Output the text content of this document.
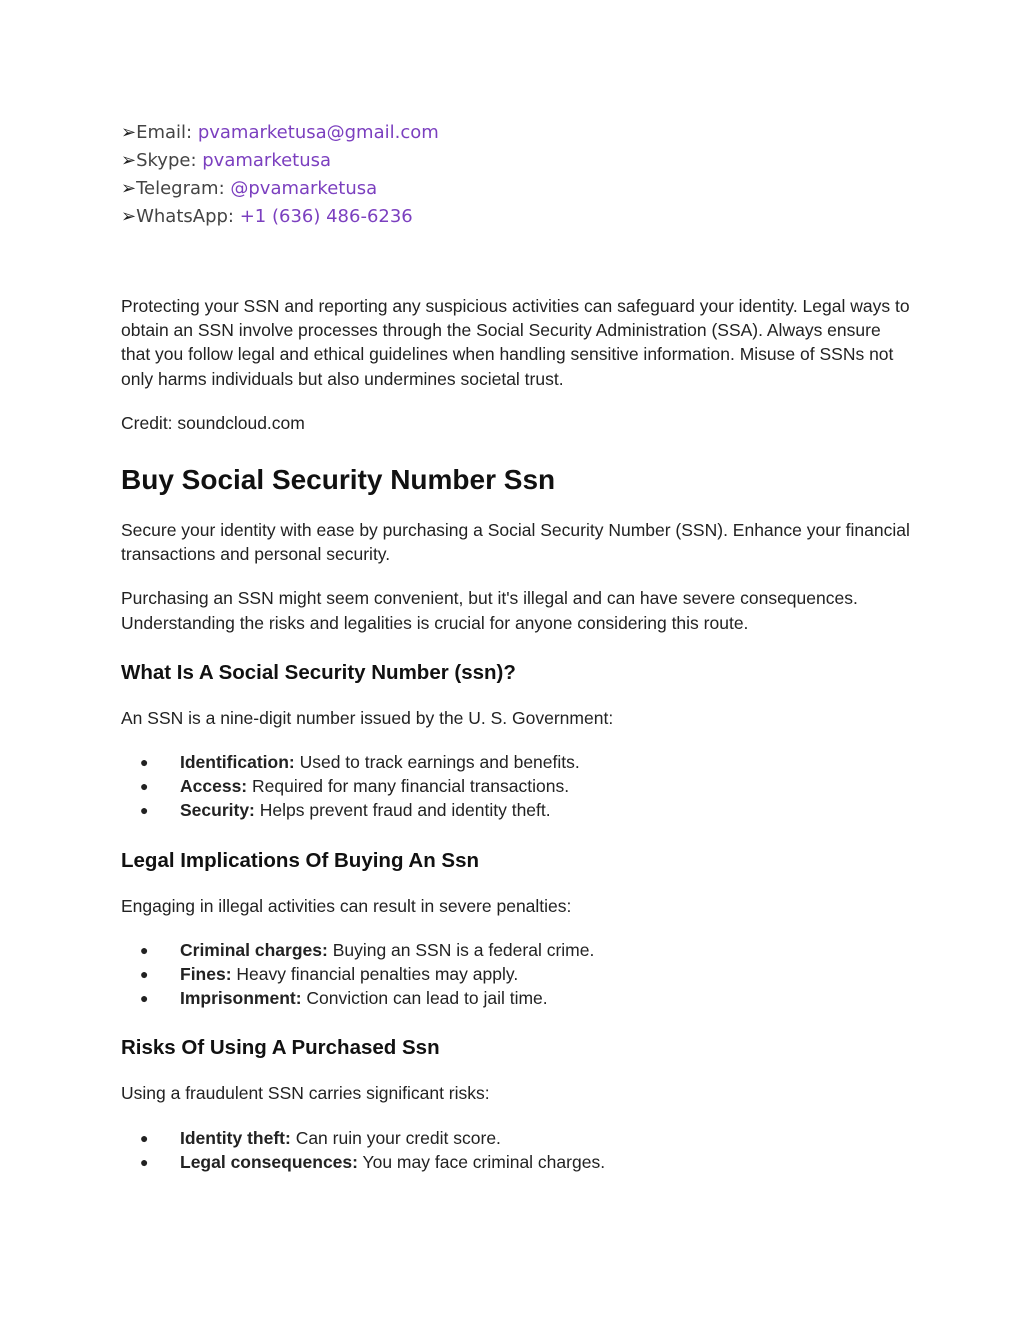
➢Email: pvamarketusa@gmail.com
➢Skype: pvamarketusa
➢Telegram: @pvamarketusa
➢WhatsApp: +1 (636) 486-6236

Protecting your SSN and reporting any suspicious activities can safeguard your identity. Legal ways to obtain an SSN involve processes through the Social Security Administration (SSA). Always ensure that you follow legal and ethical guidelines when handling sensitive information. Misuse of SSNs not only harms individuals but also undermines societal trust.

Credit: soundcloud.com

Buy Social Security Number Ssn

Secure your identity with ease by purchasing a Social Security Number (SSN). Enhance your financial transactions and personal security.

Purchasing an SSN might seem convenient, but it's illegal and can have severe consequences. Understanding the risks and legalities is crucial for anyone considering this route.

What Is A Social Security Number (ssn)?

An SSN is a nine-digit number issued by the U. S. Government:

● Identification: Used to track earnings and benefits.
● Access: Required for many financial transactions.
● Security: Helps prevent fraud and identity theft.
Legal Implications Of Buying An Ssn

Engaging in illegal activities can result in severe penalties:

● Criminal charges: Buying an SSN is a federal crime.
● Fines: Heavy financial penalties may apply.
● Imprisonment: Conviction can lead to jail time.
Risks Of Using A Purchased Ssn

Using a fraudulent SSN carries significant risks:

● Identity theft: Can ruin your credit score.
● Legal consequences: You may face criminal charges.
